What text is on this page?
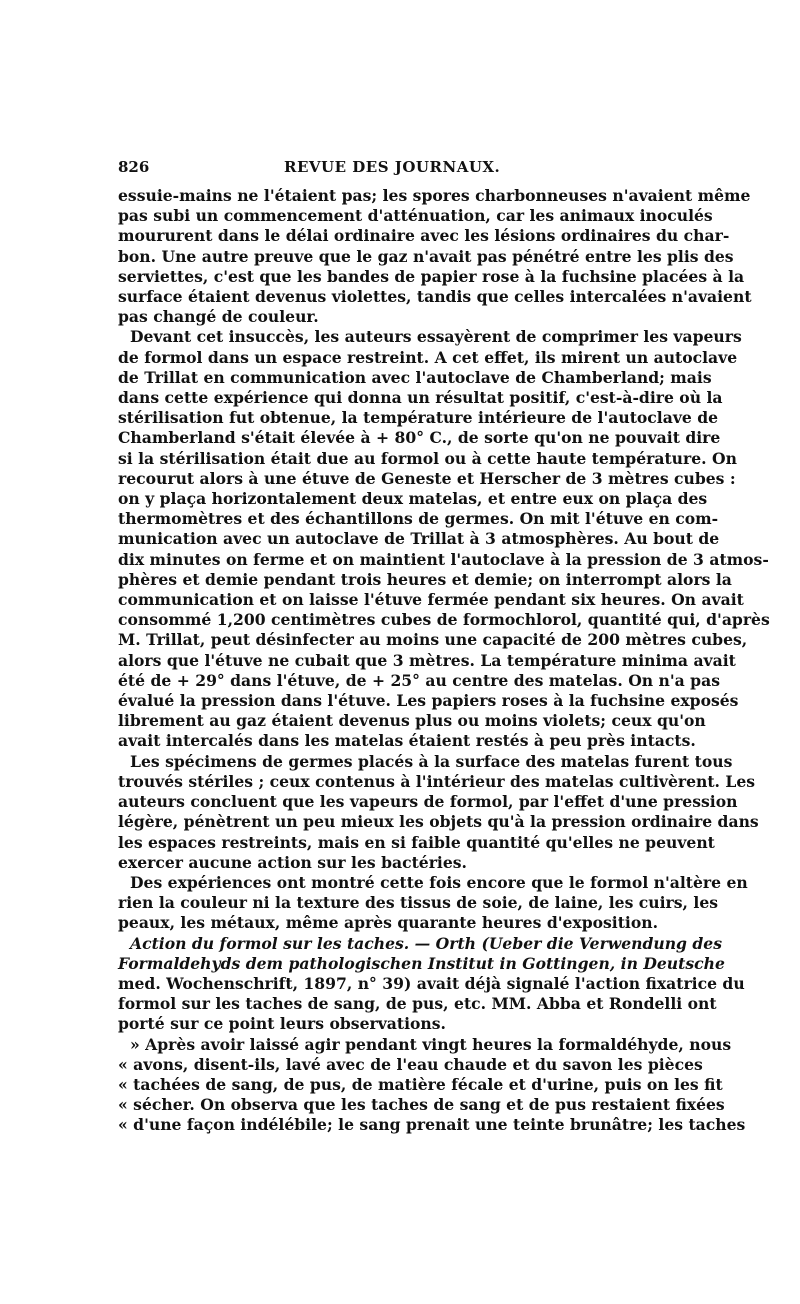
826	REVUE DES JOURNAUX.
essuie-mains ne l'étaient pas; les spores charbonneuses n'avaient même
pas subi un commencement d'atténuation, car les animaux inoculés
moururent dans le délai ordinaire avec les lésions ordinaires du char-
bon. Une autre preuve que le gaz n'avait pas pénétré entre les plis des
serviettes, c'est que les bandes de papier rose à la fuchsine placées à la
surface étaient devenus violettes, tandis que celles intercalées n'avaient
pas changé de couleur.
Devant cet insuccès, les auteurs essayèrent de comprimer les vapeurs
de formol dans un espace restreint. A cet effet, ils mirent un autoclave
de Trillat en communication avec l'autoclave de Chamberland; mais
dans cette expérience qui donna un résultat positif, c'est-à-dire où la
stérilisation fut obtenue, la température intérieure de l'autoclave de
Chamberland s'était élevée à + 80° C., de sorte qu'on ne pouvait dire
si la stérilisation était due au formol ou à cette haute température. On
recourut alors à une étuve de Geneste et Herscher de 3 mètres cubes :
on y plaça horizontalement deux matelas, et entre eux on plaça des
thermomètres et des échantillons de germes. On mit l'étuve en com-
munication avec un autoclave de Trillat à 3 atmosphères. Au bout de
dix minutes on ferme et on maintient l'autoclave à la pression de 3 atmos-
phères et demie pendant trois heures et demie; on interrompt alors la
communication et on laisse l'étuve fermée pendant six heures. On avait
consommé 1,200 centimètres cubes de formochlorol, quantité qui, d'après
M. Trillat, peut désinfecter au moins une capacité de 200 mètres cubes,
alors que l'étuve ne cubait que 3 mètres. La température minima avait
été de + 29° dans l'étuve, de + 25° au centre des matelas. On n'a pas
évalué la pression dans l'étuve. Les papiers roses à la fuchsine exposés
librement au gaz étaient devenus plus ou moins violets; ceux qu'on
avait intercalés dans les matelas étaient restés à peu près intacts.
Les spécimens de germes placés à la surface des matelas furent tous
trouvés stériles ; ceux contenus à l'intérieur des matelas cultivèrent. Les
auteurs concluent que les vapeurs de formol, par l'effet d'une pression
légère, pénètrent un peu mieux les objets qu'à la pression ordinaire dans
les espaces restreints, mais en si faible quantité qu'elles ne peuvent
exercer aucune action sur les bactéries.
Des expériences ont montré cette fois encore que le formol n'altère en
rien la couleur ni la texture des tissus de soie, de laine, les cuirs, les
peaux, les métaux, même après quarante heures d'exposition.
Action du formol sur les taches. — Orth (Ueber die Verwendung des
Formaldehyds dem pathologischen Institut in Gottingen, in Deutsche
med. Wochenschrift, 1897, n° 39) avait déjà signalé l'action fixatrice du
formol sur les taches de sang, de pus, etc. MM. Abba et Rondelli ont
porté sur ce point leurs observations.
» Après avoir laissé agir pendant vingt heures la formaldéhyde, nous
« avons, disent-ils, lavé avec de l'eau chaude et du savon les pièces
« tachées de sang, de pus, de matière fécale et d'urine, puis on les fit
« sécher. On observa que les taches de sang et de pus restaient fixées
« d'une façon indélébile; le sang prenait une teinte brunâtre; les taches
